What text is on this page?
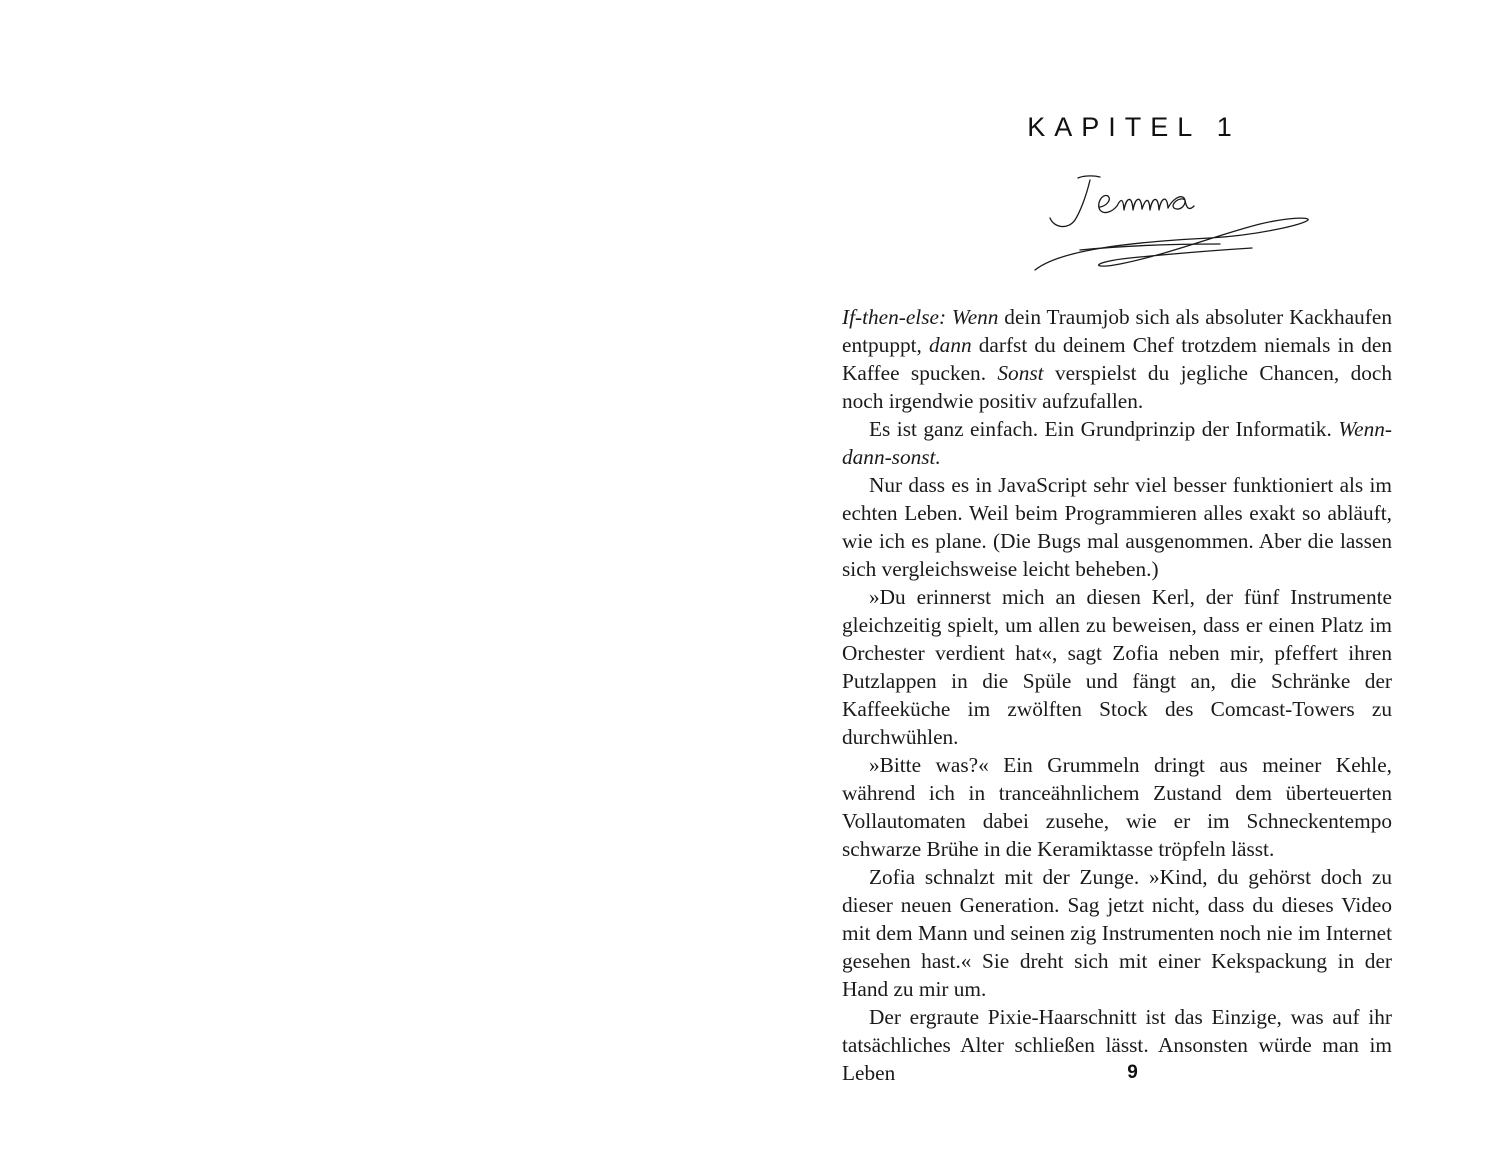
KAPITEL 1

If-then-else: Wenn dein Traumjob sich als absoluter Kackhaufen entpuppt, dann darfst du deinem Chef trotzdem niemals in den Kaffee spucken. Sonst verspielst du jegliche Chancen, doch noch irgendwie positiv aufzufallen.

Es ist ganz einfach. Ein Grundprinzip der Informatik. Wenn-dann-sonst.

Nur dass es in JavaScript sehr viel besser funktioniert als im echten Leben. Weil beim Programmieren alles exakt so abläuft, wie ich es plane. (Die Bugs mal ausgenommen. Aber die lassen sich vergleichsweise leicht beheben.)

»Du erinnerst mich an diesen Kerl, der fünf Instrumente gleichzeitig spielt, um allen zu beweisen, dass er einen Platz im Orchester verdient hat«, sagt Zofia neben mir, pfeffert ihren Putzlappen in die Spüle und fängt an, die Schränke der Kaffeeküche im zwölften Stock des Comcast-Towers zu durchwühlen.

»Bitte was?« Ein Grummeln dringt aus meiner Kehle, während ich in tranceähnlichem Zustand dem überteuerten Vollautomaten dabei zusehe, wie er im Schneckentempo schwarze Brühe in die Keramiktasse tröpfeln lässt.

Zofia schnalzt mit der Zunge. »Kind, du gehörst doch zu dieser neuen Generation. Sag jetzt nicht, dass du dieses Video mit dem Mann und seinen zig Instrumenten noch nie im Internet gesehen hast.« Sie dreht sich mit einer Kekspackung in der Hand zu mir um.

Der ergraute Pixie-Haarschnitt ist das Einzige, was auf ihr tatsächliches Alter schließen lässt. Ansonsten würde man im Leben	9
